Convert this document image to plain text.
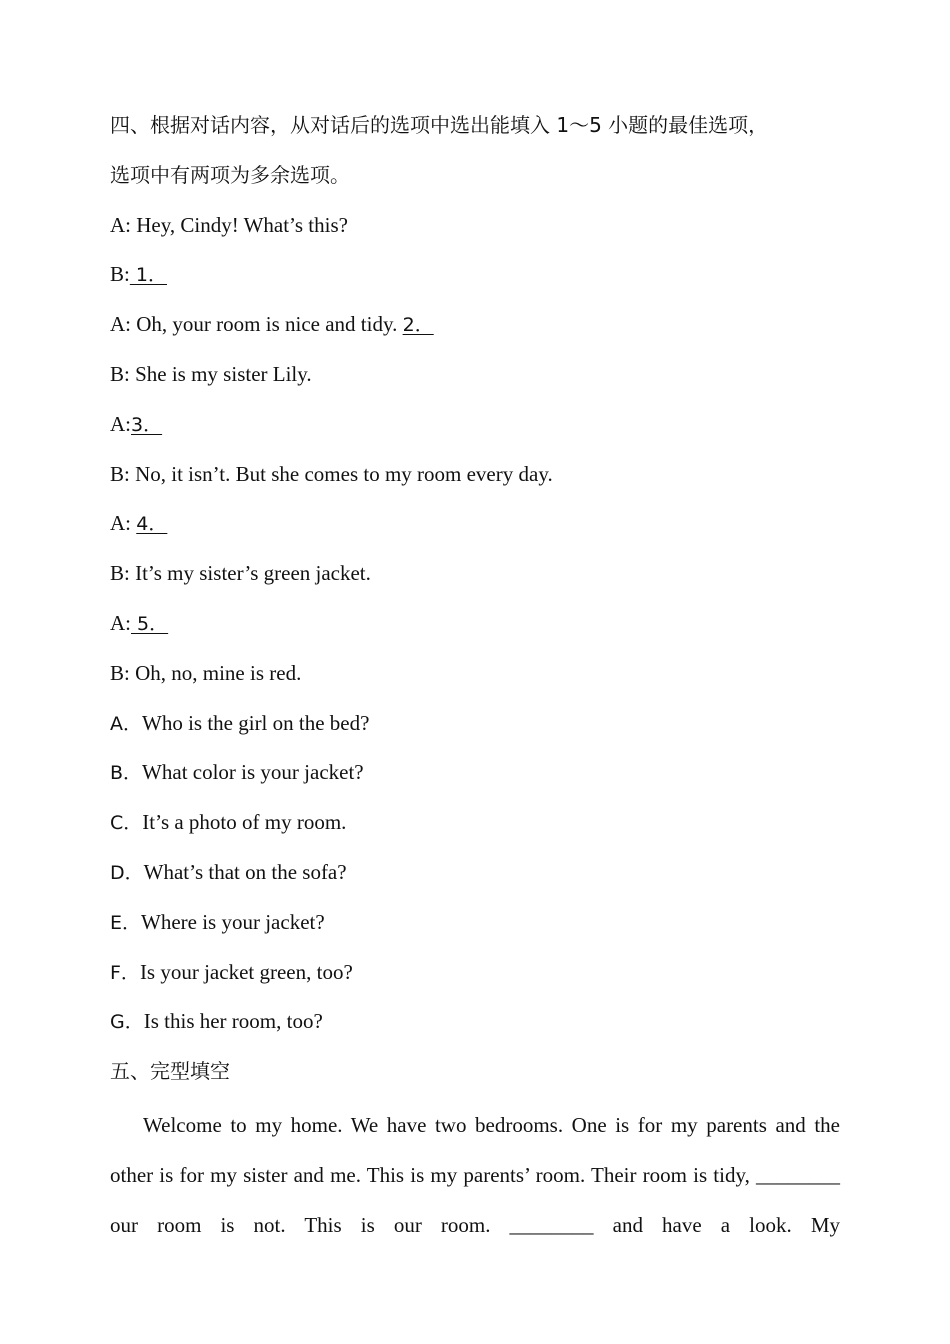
四、根据对话内容，从对话后的选项中选出能填入 1～5 小题的最佳选项，
选项中有两项为多余选项。
A: Hey, Cindy! What’s this?
B: 1．
A: Oh, your room is nice and tidy. 2．
B: She is my sister Lily.
A:3．
B: No, it isn’t. But she comes to my room every day.
A: 4．
B: It’s my sister’s green jacket.
A: 5．
B: Oh, no, mine is red.
A．Who is the girl on the bed?
B．What color is your jacket?
C．It’s a photo of my room.
D．What’s that on the sofa?
E．Where is your jacket?
F．Is your jacket green, too?
G．Is this her room, too?
五、完型填空

Welcome to my home. We have two bedrooms. One is for my parents and the other is for my sister and me. This is my parents’ room. Their room is tidy, ________ our room is not. This is our room. ________ and have a look. My
